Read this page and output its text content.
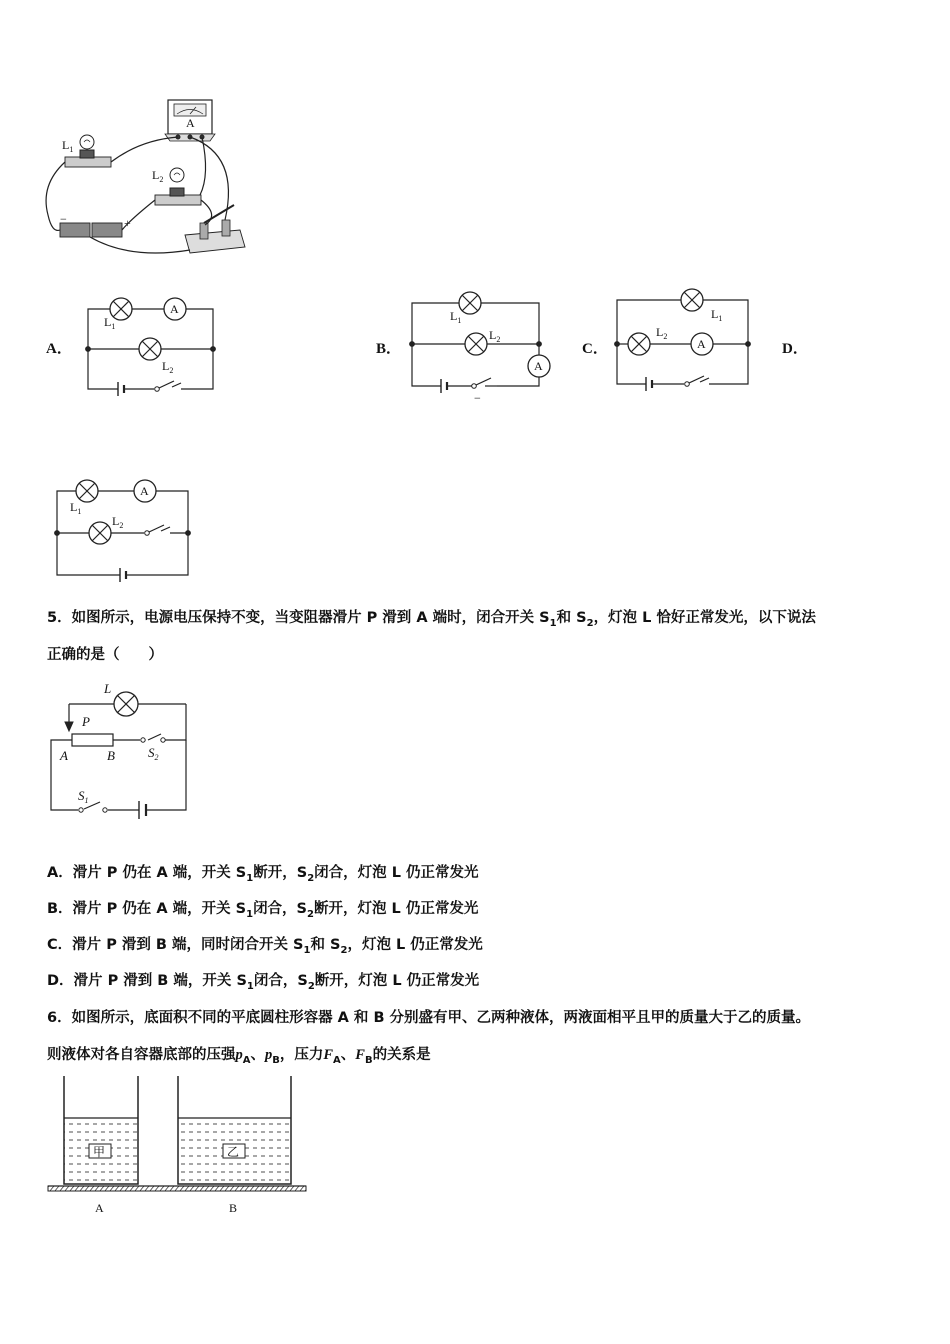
A
$L_1$
$L_2$
−	+
A．
A
$L_1$
$L_2$
B．
A
$L_1$
$L_2$
−
C．	A
$L_1$
$L_2$
D．
A
$L_1$
$L_2$
5．如图所示，电源电压保持不变，当变阻器滑片 P 滑到 A 端时，闭合开关 $S_1$和 $S_2$，灯泡 L 恰好正常发光，以下说法
正确的是（　　）
L
P
A	B	$S_2$
$S_1$
A．滑片 P 仍在 A 端，开关 $S_1$断开，$S_2$闭合，灯泡 L 仍正常发光
B．滑片 P 仍在 A 端，开关 $S_1$闭合，$S_2$断开，灯泡 L 仍正常发光
C．滑片 P 滑到 B 端，同时闭合开关 $S_1$和 $S_2$，灯泡 L 仍正常发光
D．滑片 P 滑到 B 端，开关 $S_1$闭合，$S_2$断开，灯泡 L 仍正常发光
6．如图所示，底面积不同的平底圆柱形容器 A 和 B 分别盛有甲、乙两种液体，两液面相平且甲的质量大于乙的质量。
则液体对各自容器底部的压强$p_A$、$p_B$，压力$F_A$、$F_B$的关系是
甲	乙
A	B
